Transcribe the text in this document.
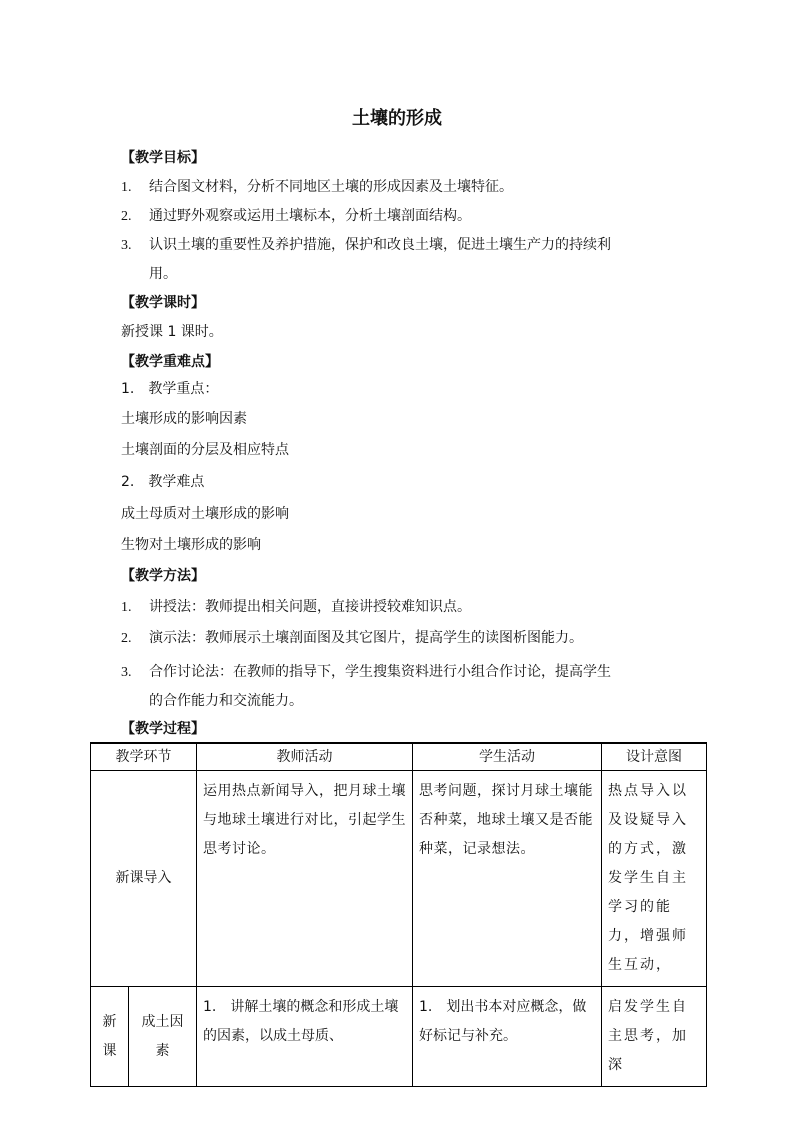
土壤的形成
【教学目标】
1. 结合图文材料，分析不同地区土壤的形成因素及土壤特征。
2. 通过野外观察或运用土壤标本，分析土壤剖面结构。
3. 认识土壤的重要性及养护措施，保护和改良土壤，促进土壤生产力的持续利
用。
【教学课时】
新授课 1 课时。
【教学重难点】
1.　教学重点：
土壤形成的影响因素
土壤剖面的分层及相应特点
2.　教学难点
成土母质对土壤形成的影响
生物对土壤形成的影响
【教学方法】
1. 讲授法：教师提出相关问题，直接讲授较难知识点。
2. 演示法：教师展示土壤剖面图及其它图片，提高学生的读图析图能力。
3. 合作讨论法：在教师的指导下，学生搜集资料进行小组合作讨论，提高学生
的合作能力和交流能力。
【教学过程】
教学环节		教师活动	学生活动	设计意图
新课导入		运用热点新闻导入，把月球土壤与地球土壤进行对比，引起学生思考讨论。	思考问题，探讨月球土壤能否种菜，地球土壤又是否能种菜，记录想法。	热点导入以及设疑导入的方式，激发学生自主学习的能力，增强师生互动，
新课	成土因素	1.　讲解土壤的概念和形成土壤的因素，以成土母质、	1.　划出书本对应概念，做好标记与补充。	启发学生自主思考，加深
